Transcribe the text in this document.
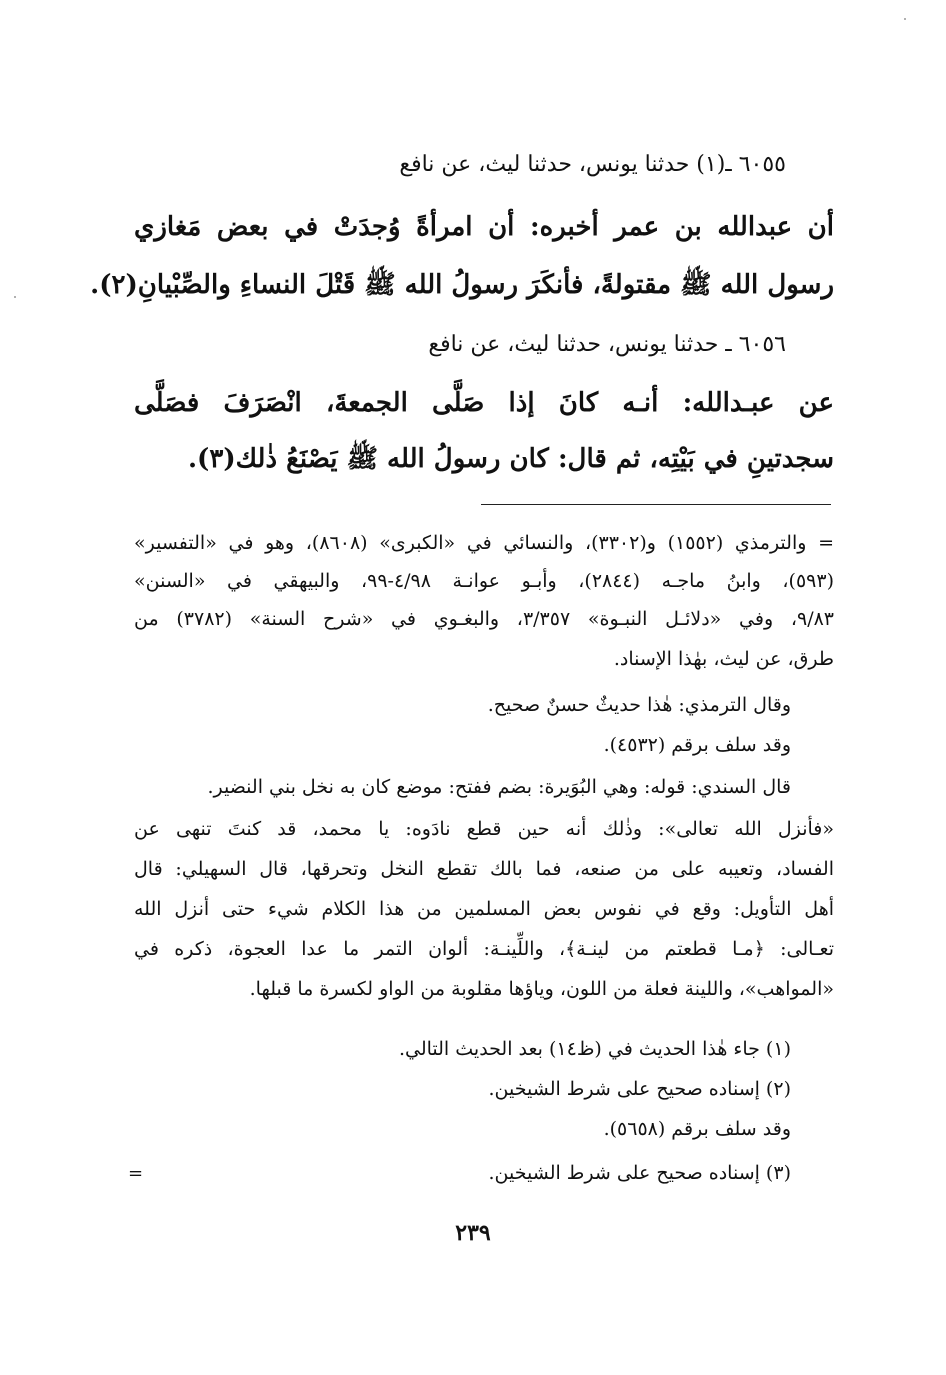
٦٠٥٥ ـ(١) حدثنا يونس، حدثنا ليث، عن نافع
أن عبدالله بن عمر أخبره: أن امرأةً وُجدَتْ في بعض مَغازي
رسول الله ﷺ مقتولةً، فأنكَرَ رسولُ الله ﷺ قَتْلَ النساءِ والصِّبْيانِ(٢).
٦٠٥٦ ـ حدثنا يونس، حدثنا ليث، عن نافع
عن عبـدالله: أنـه كانَ إذا صَلَّى الجمعةَ، انْصَرَفَ فصَلَّى
سجدتينِ في بَيْتِه، ثم قال: كان رسولُ الله ﷺ يَصْنَعُ ذٰلك(٣).
= والترمذي (١٥٥٢) و(٣٣٠٢)، والنسائي في «الكبرى» (٨٦٠٨)، وهو في «التفسير»
(٥٩٣)، وابنُ ماجـه (٢٨٤٤)، وأبـو عوانـة ٤/٩٨-٩٩، والبيهقي في «السنن»
٩/٨٣، وفي «دلائـل النبـوة» ٣/٣٥٧، والبغـوي في «شرح السنة» (٣٧٨٢) من
طرق، عن ليث، بهٰذا الإسناد.
وقال الترمذي: هٰذا حديثٌ حسنٌ صحيح.
وقد سلف برقم (٤٥٣٢).
قال السندي: قوله: وهي البُوَيرة: بضم ففتح: موضع كان به نخل بني النضير.
«فأنزل الله تعالى»: وذٰلك أنه حين قطع نادَوه: يا محمد، قد كنتَ تنهى عن
الفساد، وتعيبه على من صنعه، فما بالك تقطع النخل وتحرقها، قال السهيلي: قال
أهل التأويل: وقع في نفوس بعض المسلمين من هذا الكلام شيء حتى أنزل الله
تعـالى: ﴿مـا قطعتم من لينـة﴾، واللِّينـة: ألوان التمر ما عدا العجوة، ذكره في
«المواهب»، واللينة فعلة من اللون، وياؤها مقلوبة من الواو لكسرة ما قبلها.
(١) جاء هٰذا الحديث في (ظ١٤) بعد الحديث التالي.
(٢) إسناده صحيح على شرط الشيخين.
وقد سلف برقم (٥٦٥٨).
(٣) إسناده صحيح على شرط الشيخين.
=
٢٣٩
